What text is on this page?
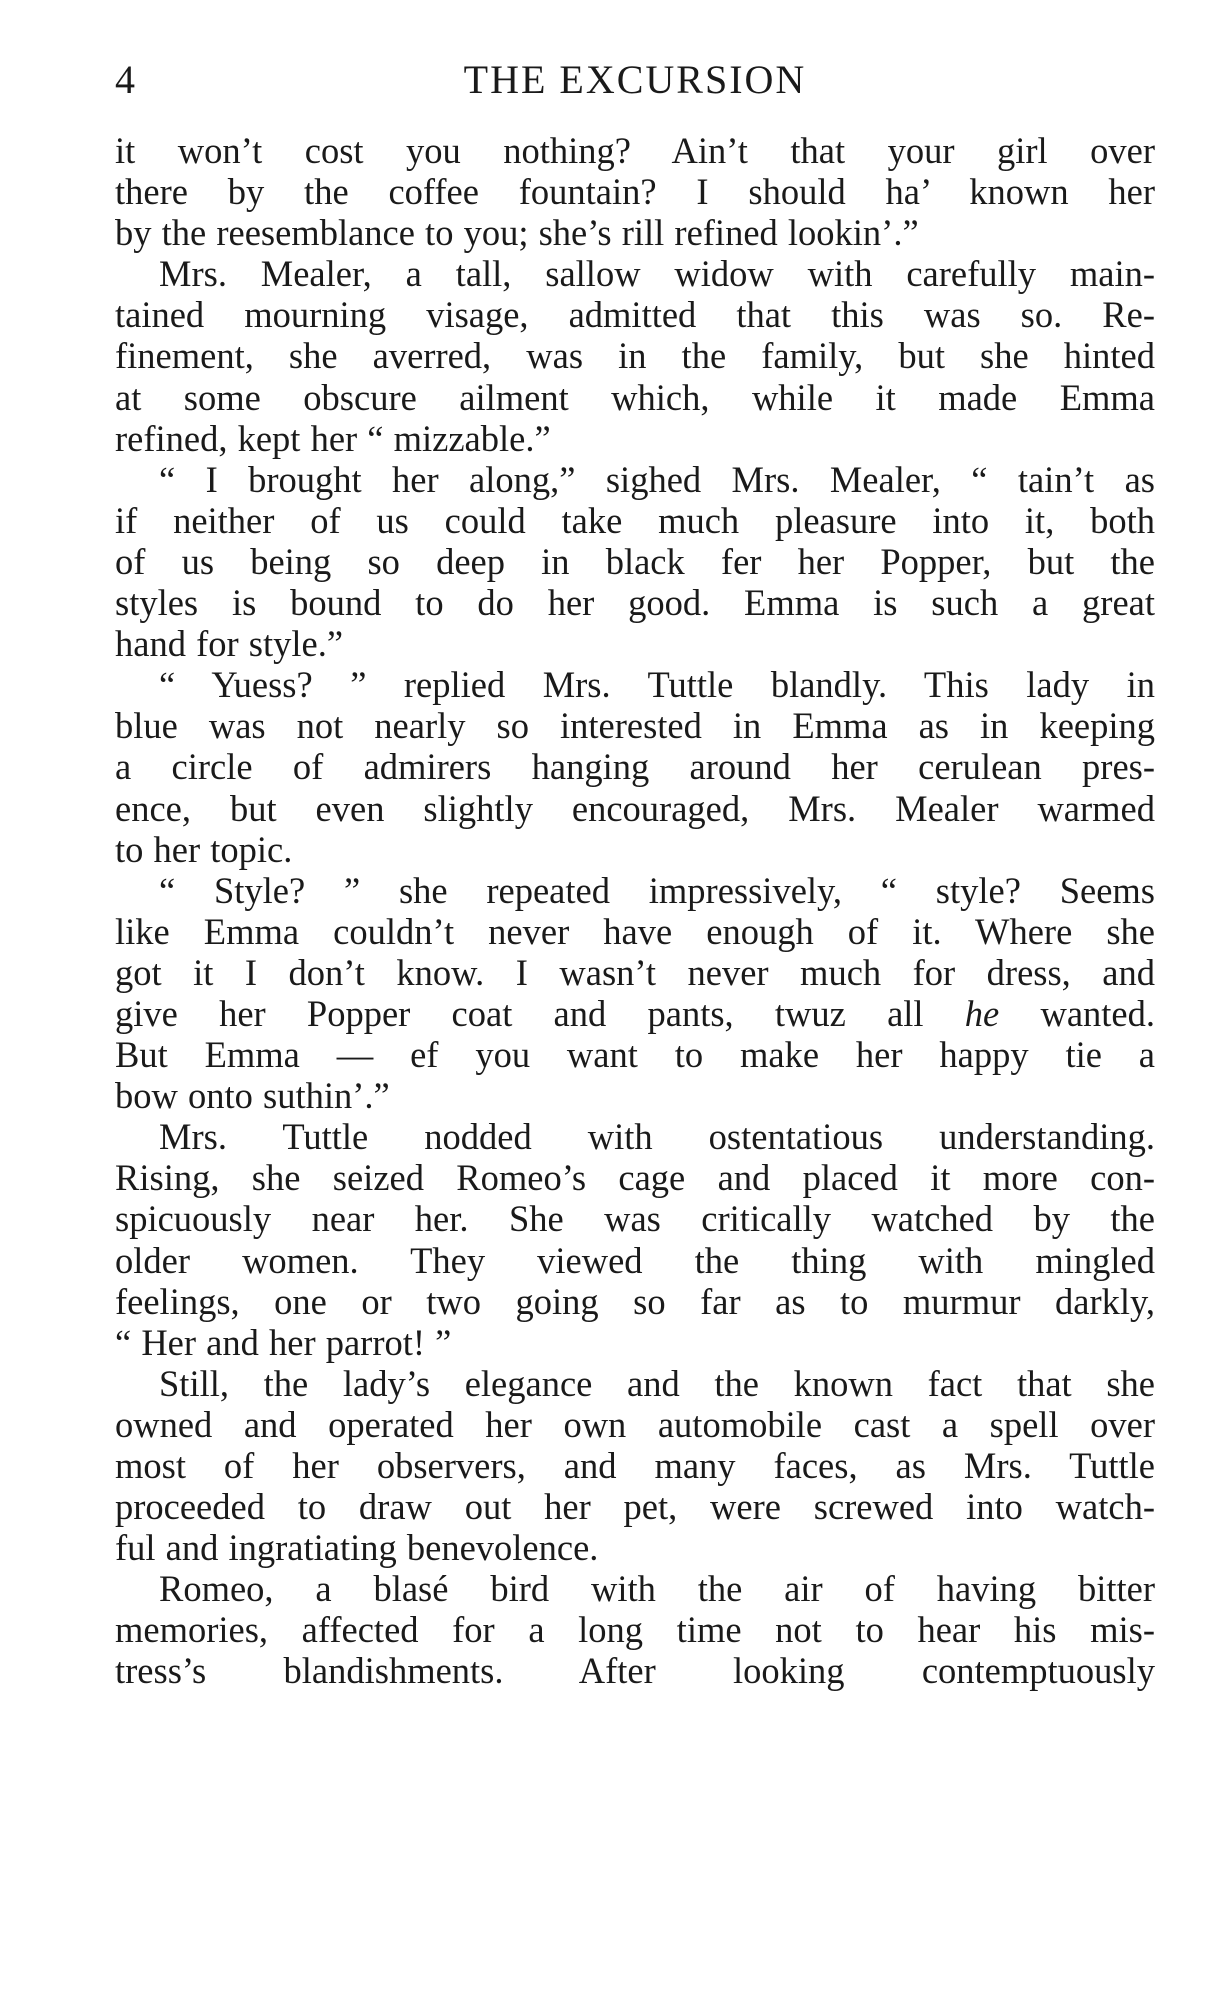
4	THE EXCURSION
it won’t cost you nothing? Ain’t that your girl over
there by the coffee fountain? I should ha’ known her
by the reesemblance to you; she’s rill refined lookin’.”
Mrs. Mealer, a tall, sallow widow with carefully main-
tained mourning visage, admitted that this was so. Re-
finement, she averred, was in the family, but she hinted
at some obscure ailment which, while it made Emma
refined, kept her “ mizzable.”
“ I brought her along,” sighed Mrs. Mealer, “ tain’t as
if neither of us could take much pleasure into it, both
of us being so deep in black fer her Popper, but the
styles is bound to do her good. Emma is such a great
hand for style.”
“ Yuess? ” replied Mrs. Tuttle blandly. This lady in
blue was not nearly so interested in Emma as in keeping
a circle of admirers hanging around her cerulean pres-
ence, but even slightly encouraged, Mrs. Mealer warmed
to her topic.
“ Style? ” she repeated impressively, “ style? Seems
like Emma couldn’t never have enough of it. Where she
got it I don’t know. I wasn’t never much for dress, and
give her Popper coat and pants, twuz all he wanted.
But Emma — ef you want to make her happy tie a
bow onto suthin’.”
Mrs. Tuttle nodded with ostentatious understanding.
Rising, she seized Romeo’s cage and placed it more con-
spicuously near her. She was critically watched by the
older women. They viewed the thing with mingled
feelings, one or two going so far as to murmur darkly,
“ Her and her parrot! ”
Still, the lady’s elegance and the known fact that she
owned and operated her own automobile cast a spell over
most of her observers, and many faces, as Mrs. Tuttle
proceeded to draw out her pet, were screwed into watch-
ful and ingratiating benevolence.
Romeo, a blasé bird with the air of having bitter
memories, affected for a long time not to hear his mis-
tress’s blandishments. After looking contemptuously
